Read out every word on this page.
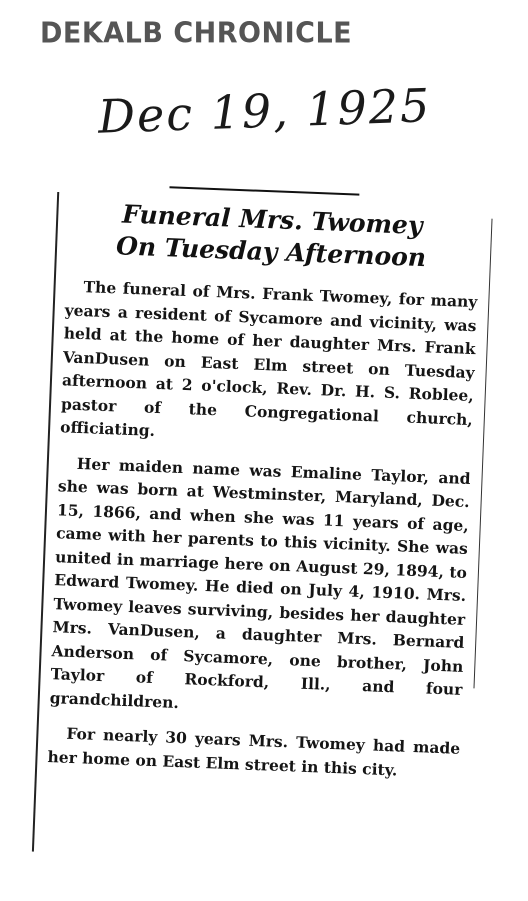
DEKALB CHRONICLE
Dec 19, 1925
Funeral Mrs. Twomey
On Tuesday Afternoon

The funeral of Mrs. Frank Twomey, for many years a resident of Sycamore and vicinity, was held at the home of her daughter Mrs. Frank VanDusen on East Elm street on Tuesday afternoon at 2 o'clock, Rev. Dr. H. S. Roblee, pastor of the Congregational church, officiating.

Her maiden name was Emaline Taylor, and she was born at Westminster, Maryland, Dec. 15, 1866, and when she was 11 years of age, came with her parents to this vicinity. She was united in marriage here on August 29, 1894, to Edward Twomey. He died on July 4, 1910. Mrs. Twomey leaves surviving, besides her daughter Mrs. VanDusen, a daughter Mrs. Bernard Anderson of Sycamore, one brother, John Taylor of Rockford, Ill., and four grandchildren.

For nearly 30 years Mrs. Twomey had made her home on East Elm street in this city.
